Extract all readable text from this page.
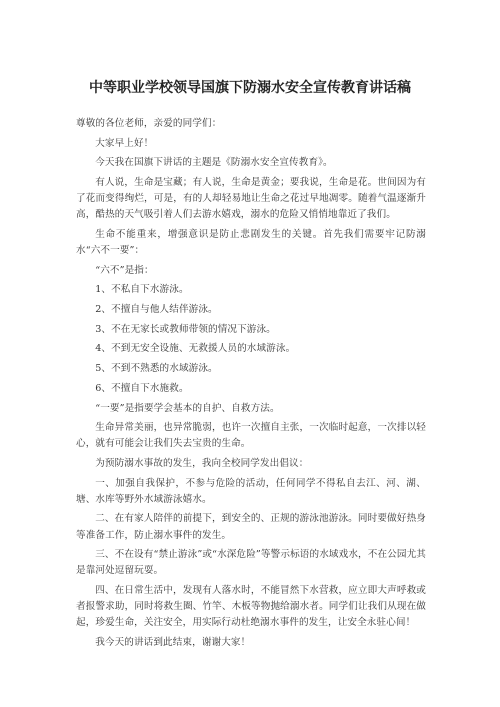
中等职业学校领导国旗下防溺水安全宣传教育讲话稿

尊敬的各位老师，亲爱的同学们：

大家早上好！

今天我在国旗下讲话的主题是《防溺水安全宣传教育》。

有人说，生命是宝藏；有人说，生命是黄金；要我说，生命是花。世间因为有了花而变得绚烂，可是，有的人却轻易地让生命之花过早地凋零。随着气温逐渐升高，酷热的天气吸引着人们去游水嬉戏，溺水的危险又悄悄地靠近了我们。

生命不能重来，增强意识是防止悲剧发生的关键。首先我们需要牢记防溺水“六不一要”：

“六不”是指：

1、不私自下水游泳。

2、不擅自与他人结伴游泳。

3、不在无家长或教师带领的情况下游泳。

4、不到无安全设施、无救援人员的水域游泳。

5、不到不熟悉的水域游泳。

6、不擅自下水施救。

“一要”是指要学会基本的自护、自救方法。

生命异常美丽，也异常脆弱，也许一次擅自主张，一次临时起意，一次排以轻心，就有可能会让我们失去宝贵的生命。

为预防溺水事故的发生，我向全校同学发出倡议：

一、加强自我保护，不参与危险的活动，任何同学不得私自去江、河、湖、塘、水库等野外水域游泳嬉水。

二、在有家人陪伴的前提下，到安全的、正规的游泳池游泳。同时要做好热身等准备工作，防止溺水事件的发生。

三、不在设有“禁止游泳”或“水深危险”等警示标语的水域戏水，不在公园尤其是靠河处逗留玩耍。

四、在日常生活中，发现有人落水时，不能冒然下水营救，应立即大声呼救或者报警求助，同时将救生圈、竹竿、木板等物抛给溺水者。同学们让我们从现在做起，珍爱生命，关注安全，用实际行动杜绝溺水事件的发生，让安全永驻心间！

我今天的讲话到此结束，谢谢大家！
